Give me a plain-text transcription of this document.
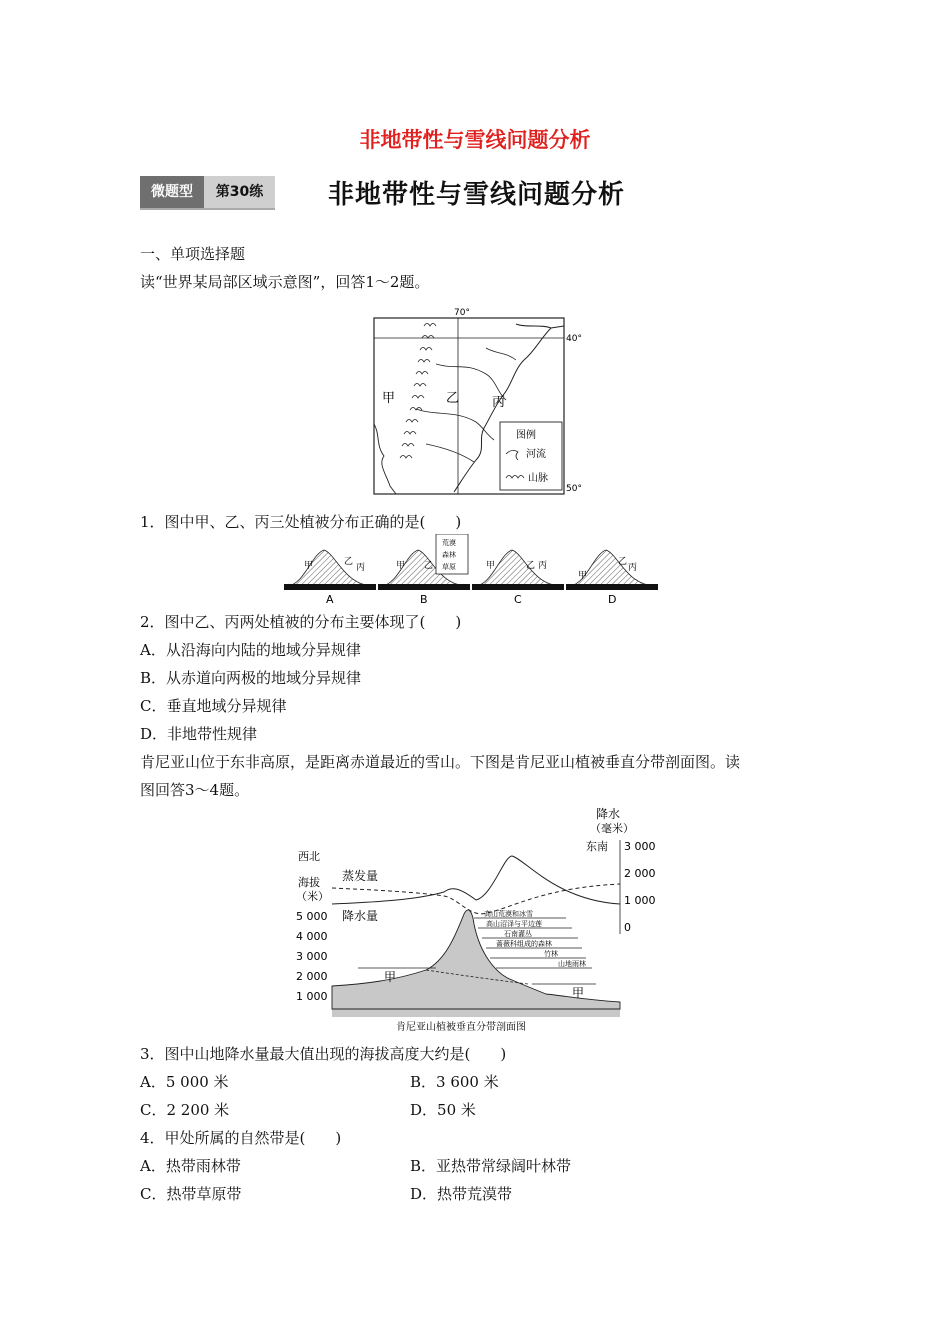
非地带性与雪线问题分析
微题型	第30练	非地带性与雪线问题分析
一、单项选择题
读“世界某局部区域示意图”，回答1～2题。
70°
40°
50°
甲	乙	丙
图例
河流
山脉
1．图中甲、乙、丙三处植被分布正确的是(　　)
甲	乙
丙
A
甲 乙
荒漠
森林
草原
B
甲	乙 丙
C
甲
乙
丙
D
2．图中乙、丙两处植被的分布主要体现了(　　)
A．从沿海向内陆的地域分异规律
B．从赤道向两极的地域分异规律
C．垂直地域分异规律
D．非地带性规律
肯尼亚山位于东非高原，是距离赤道最近的雪山。下图是肯尼亚山植被垂直分带剖面图。读
图回答3～4题。
降水
（毫米）
西北
东南
海拔
（米）
5 000
4 000
3 000
2 000
1 000
3 000
2 000
1 000
0
蒸发量
降水量	高山荒漠和冰雪
高山沼泽与平边莲
石南灌丛
蔷薇科组成的森林
竹林
山地雨林
甲
甲
肯尼亚山植被垂直分带剖面图
3．图中山地降水量最大值出现的海拔高度大约是(　　)
A．5 000 米	B．3 600 米
C．2 200 米	D．50 米
4．甲处所属的自然带是(　　)
A．热带雨林带	B．亚热带常绿阔叶林带
C．热带草原带	D．热带荒漠带
